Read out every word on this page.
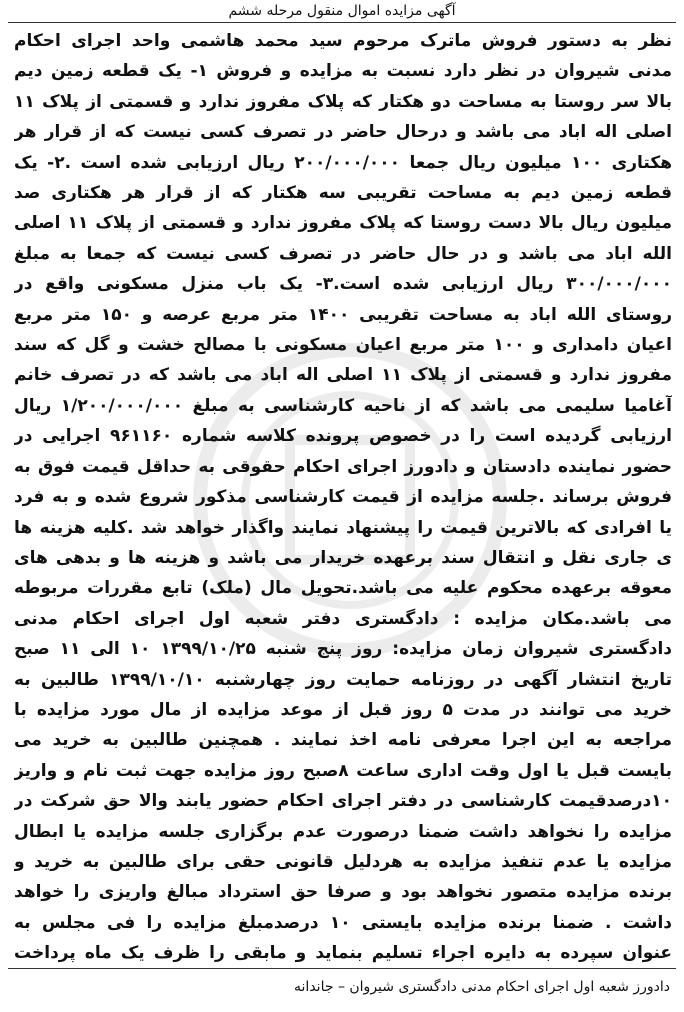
آگهی مزایده اموال منقول مرحله ششم

نظر به دستور فروش ماترک مرحوم سید محمد هاشمی واحد اجرای احکام مدنی شیروان در نظر دارد نسبت به مزایده و فروش ۱- یک قطعه زمین دیم بالا سر روستا به مساحت دو هکتار که پلاک مفروز ندارد و قسمتی از پلاک ۱۱ اصلی اله اباد می باشد و درحال حاضر در تصرف کسی نیست که از قرار هر هکتاری ۱۰۰ میلیون ریال جمعا ۲۰۰/۰۰۰/۰۰۰ ریال ارزیابی شده است .۲- یک قطعه زمین دیم به مساحت تقریبی سه هکتار که از قرار هر هکتاری صد میلیون ریال بالا دست روستا که پلاک مفروز ندارد و قسمتی از پلاک ۱۱ اصلی الله اباد می باشد و در حال حاضر در تصرف کسی نیست که جمعا به مبلغ ۳۰۰/۰۰۰/۰۰۰ ریال ارزیابی شده است.۳- یک باب منزل مسکونی واقع در روستای الله اباد به مساحت تقریبی ۱۴۰۰ متر مربع عرصه و ۱۵۰ متر مربع اعیان دامداری و ۱۰۰ متر مربع اعیان مسکونی با مصالح خشت و گل که سند مفروز ندارد و قسمتی از پلاک ۱۱ اصلی اله اباد می باشد که در تصرف خانم آغامیا سلیمی می باشد که از ناحیه کارشناسی به مبلغ ۱/۲۰۰/۰۰۰/۰۰۰ ریال ارزیابی گردیده است را در خصوص پرونده کلاسه شماره ۹۶۱۱۶۰ اجرایی در حضور نماینده دادستان و دادورز اجرای احکام حقوقی به حداقل قیمت فوق به فروش برساند .جلسه مزایده از قیمت کارشناسی مذکور شروع شده و به فرد یا افرادی که بالاترین قیمت را پیشنهاد نمایند واگذار خواهد شد .کلیه هزینه ها ی جاری نقل و انتقال سند برعهده خریدار می باشد و هزینه ها و بدهی های معوقه برعهده محکوم علیه می باشد.تحویل مال (ملک) تابع مقررات مربوطه می باشد.مکان مزایده : دادگستری دفتر شعبه اول اجرای احکام مدنی دادگستری شیروان زمان مزایده: روز پنج شنبه ۱۳۹۹/۱۰/۲۵ ۱۰ الی ۱۱ صبح تاریخ انتشار آگهی در روزنامه حمایت روز چهارشنبه ۱۳۹۹/۱۰/۱۰ طالبین به خرید می توانند در مدت ۵ روز قبل از موعد مزایده از مال مورد مزایده با مراجعه به این اجرا معرفی نامه اخذ نمایند . همچنین طالبین به خرید می بایست قبل یا اول وقت اداری ساعت ۸صبح روز مزایده جهت ثبت نام و واریز ۱۰درصدقیمت کارشناسی در دفتر اجرای احکام حضور یابند والا حق شرکت در مزایده را نخواهد داشت ضمنا درصورت عدم برگزاری جلسه مزایده یا ابطال مزایده یا عدم تنفیذ مزایده به هردلیل قانونی حقی برای طالبین به خرید و برنده مزایده متصور نخواهد بود و صرفا حق استرداد مبالغ واریزی را خواهد داشت . ضمنا برنده مزایده بایستی ۱۰ درصدمبلغ مزایده را فی مجلس به عنوان سپرده به دایره اجراء تسلیم بنماید و مابقی را ظرف یک ماه پرداخت

دادورز شعبه اول اجرای احکام مدنی دادگستری شیروان – جاندانه
